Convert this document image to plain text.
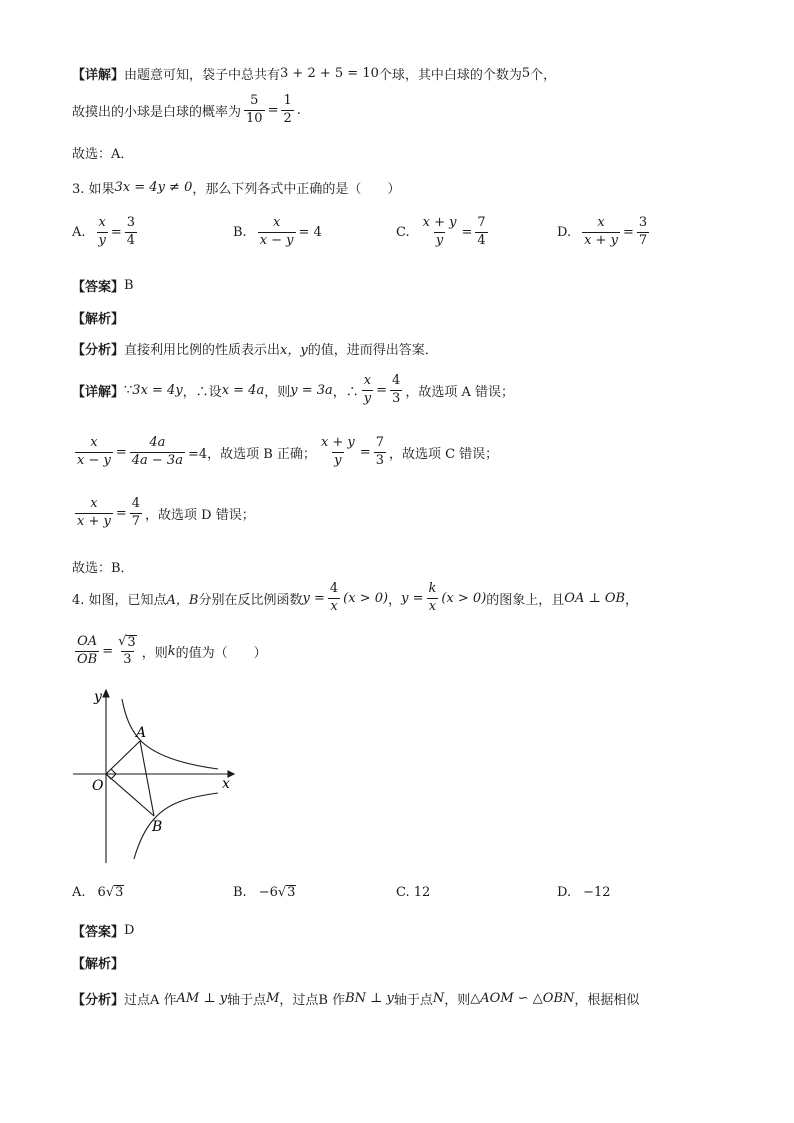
【详解】 由题意可知，袋子中总共有 3 + 2 + 5 = 10 个球，其中白球的个数为 5 个，
故摸出的小球是白球的概率为 $\frac{5}{10} = \frac{1}{2}$ .
故选：A．
3. 如果 3x = 4y ≠ 0 ，那么下列各式中正确的是（　　）
A. $\frac{x}{y} = \frac{3}{4}$	B. $\frac{x}{x - y} = 4$	C. $\frac{x + y}{y} = \frac{7}{4}$	D. $\frac{x}{x + y} = \frac{3}{7}$
【答案】 B
【解析】
【分析】 直接利用比例的性质表示出 x，y 的值，进而得出答案．
【详解】 ∵ 3x = 4y ，∴设 x = 4a ，则 y = 3a ，∴ $\frac{x}{y} = \frac{4}{3}$ ，故选项 A 错误；
$\frac{x}{x - y} = \frac{4a}{4a - 3a} =4$，故选项 B 正确； $\frac{x + y}{y} = \frac{7}{3}$ ，故选项 C 错误；
$\frac{x}{x + y} = \frac{4}{7}$ ，故选项 D 错误；
故选：B．
4. 如图，已知点 A，B 分别在反比例函数 $y = \frac{4}{x} (x > 0)$ ， $y = \frac{k}{x} (x > 0)$ 的图象上，且 OA ⊥ OB ，
$\frac{OA}{OB} = \frac{√ 3}{3}$ ，则 k 的值为（　　）
y
x
O
A
B
A. 6 √ 3	B. −6 √ 3	C. 12	D. −12
【答案】 D
【解析】
【分析】 过点A 作 AM ⊥ y 轴于点 M ，过点B 作 BN ⊥ y 轴于点 N ，则 △AOM ∽ △OBN ，根据相似
